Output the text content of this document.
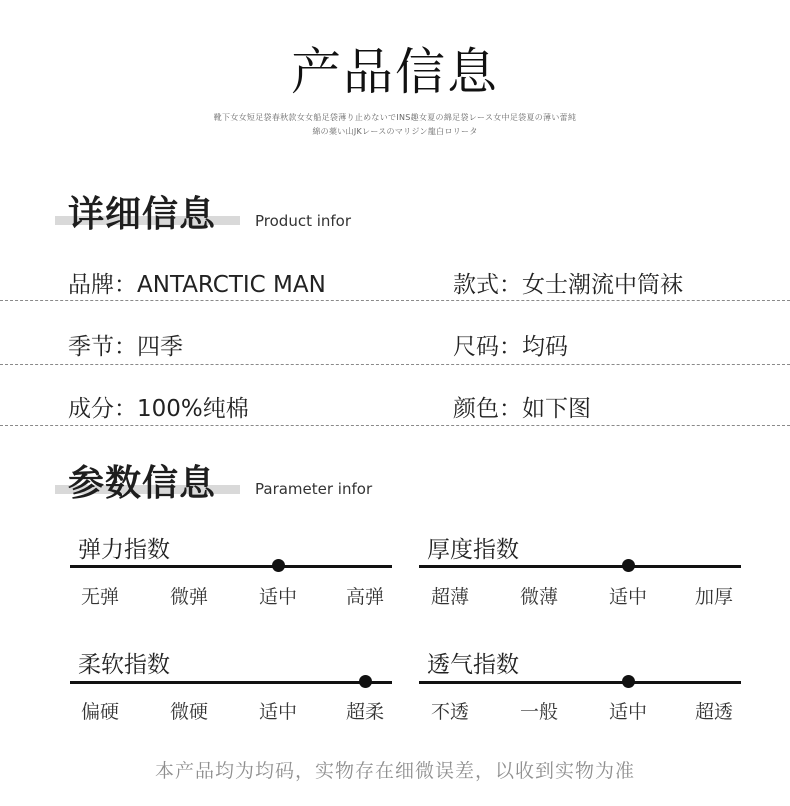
产品信息
靴下女女短足袋春秋款女女船足袋薄り止めないでINS趣女夏の綿足袋レース女中足袋夏の薄い蕾純
綿の薬い山JKレースのマリジン龍白ロリータ
详细信息	Product infor
品牌：ANTARCTIC MAN	款式：女士潮流中筒袜
季节：四季	尺码：均码
成分：100%纯棉	颜色：如下图
参数信息	Parameter infor
弹力指数
无弹	微弹	适中	高弹
厚度指数
超薄	微薄	适中	加厚
柔软指数
偏硬	微硬	适中	超柔
透气指数
不透	一般	适中	超透
本产品均为均码，实物存在细微误差，以收到实物为准
